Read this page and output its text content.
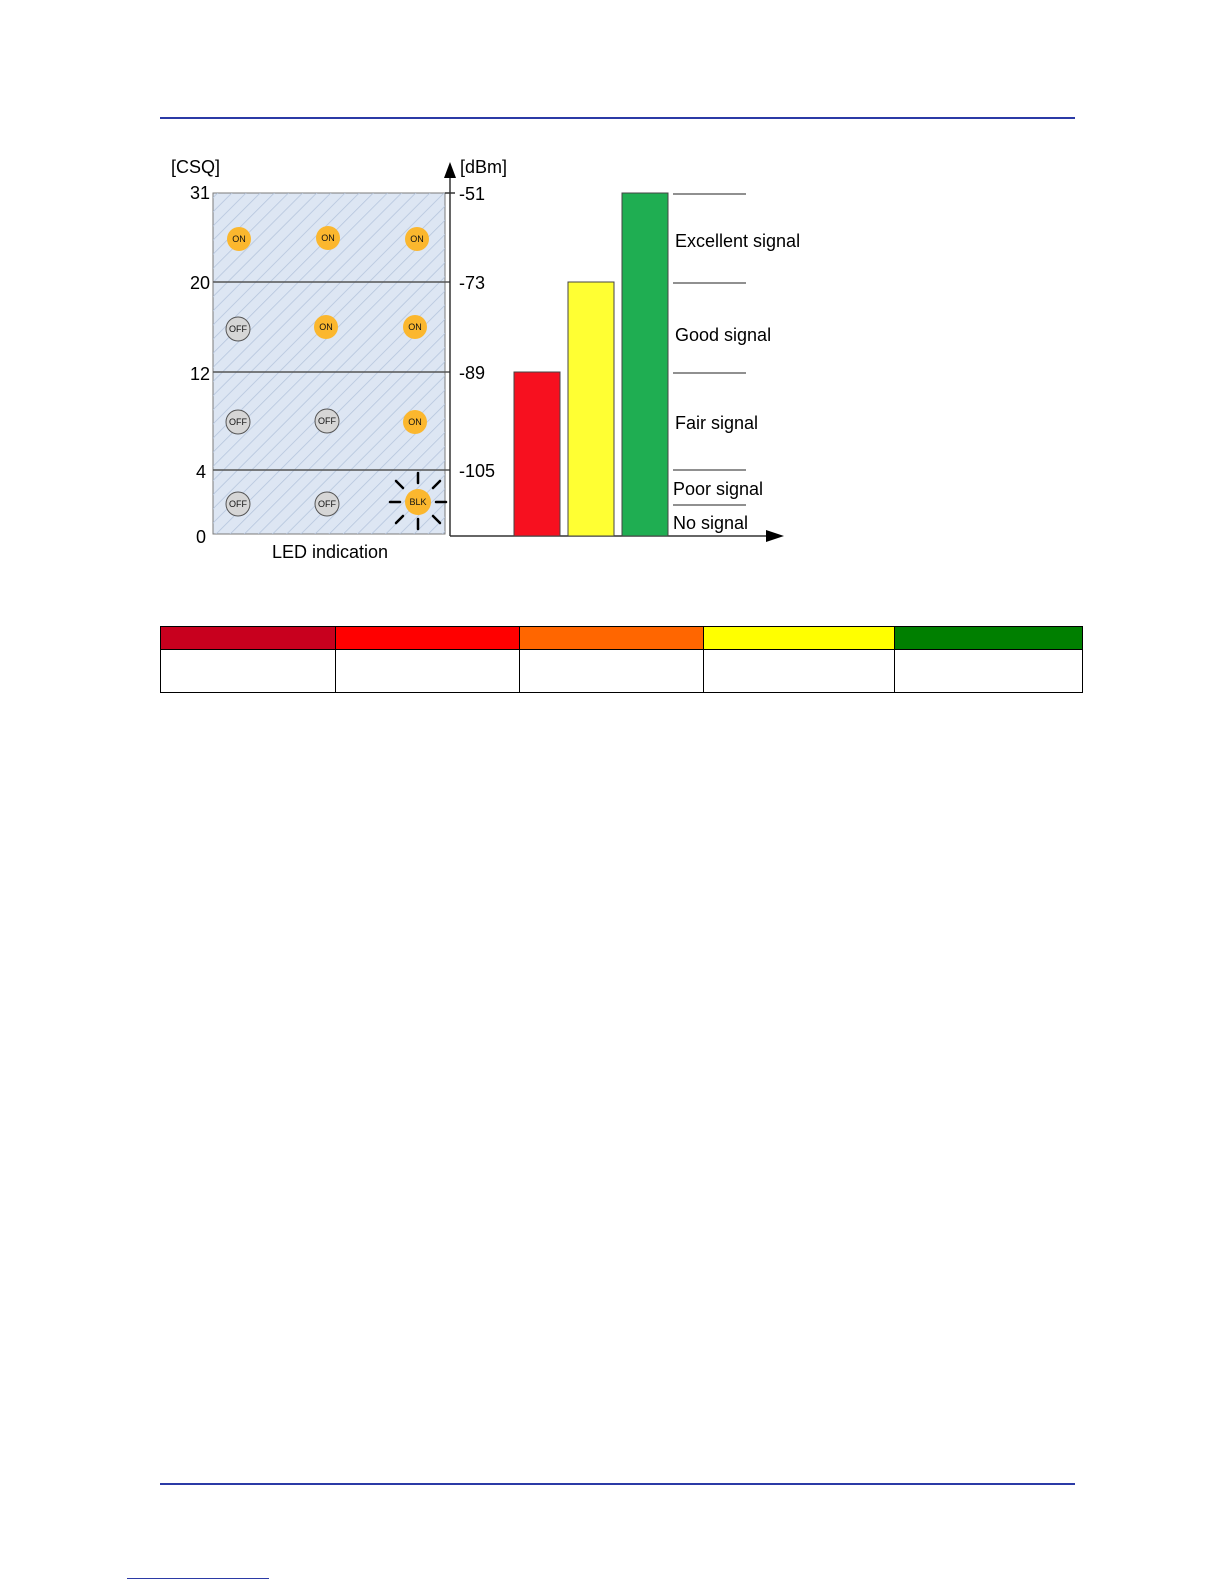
[CSQ]	[dBm]
31
20
12
4
0
-51
-73
-89
-105
LED indication
ON	ON	ON
OFF	ON	ON
OFF	OFF	ON
OFF	OFF	BLK
Excellent signal
Good signal
Fair signal
Poor signal
No signal
